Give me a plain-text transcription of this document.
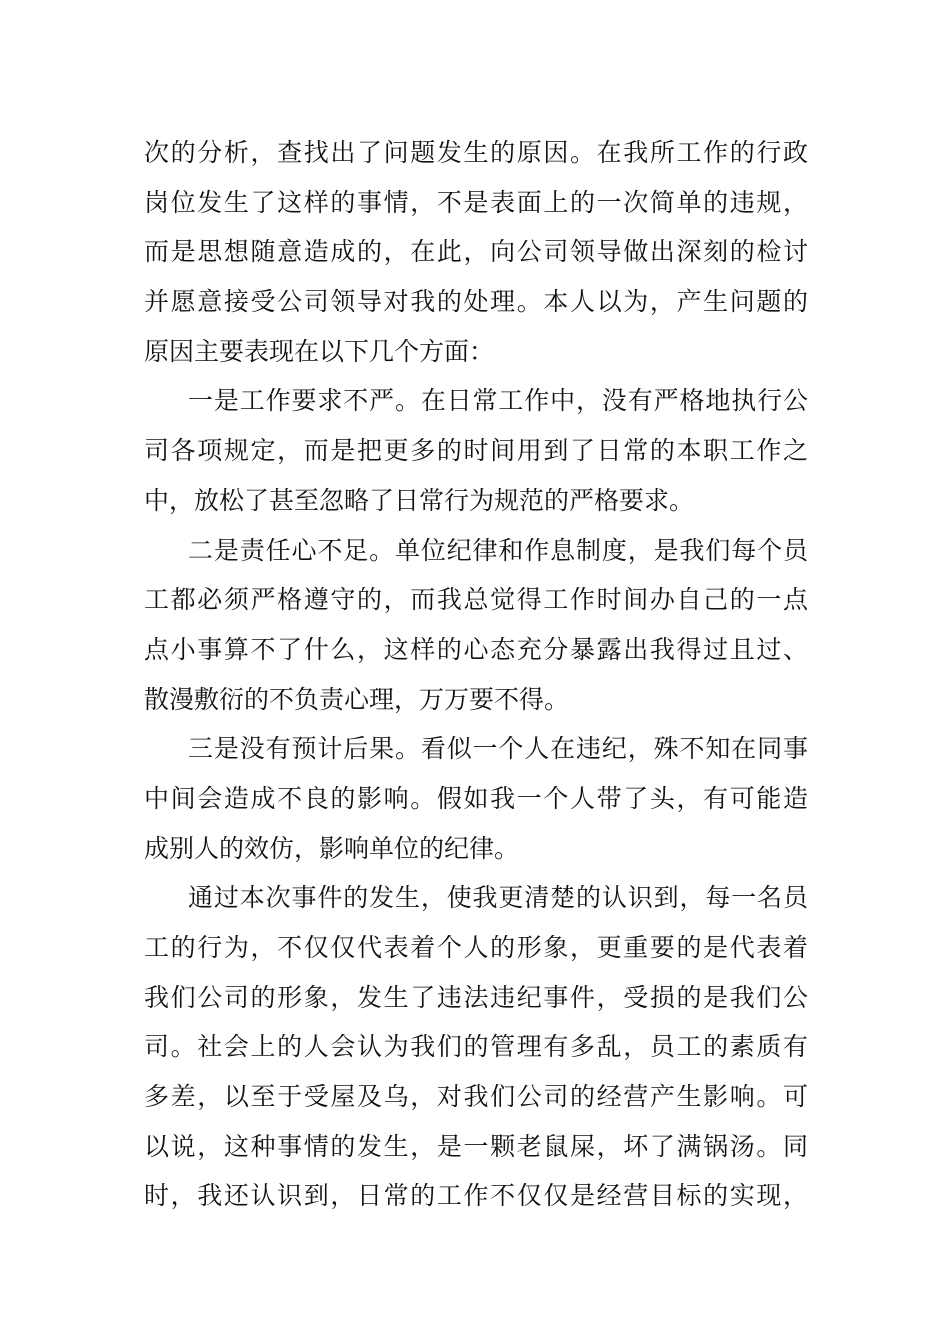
次的分析，查找出了问题发生的原因。在我所工作的行政
岗位发生了这样的事情，不是表面上的一次简单的违规，
而是思想随意造成的，在此，向公司领导做出深刻的检讨
并愿意接受公司领导对我的处理。本人以为，产生问题的
原因主要表现在以下几个方面：
一是工作要求不严。在日常工作中，没有严格地执行公
司各项规定，而是把更多的时间用到了日常的本职工作之
中，放松了甚至忽略了日常行为规范的严格要求。
二是责任心不足。单位纪律和作息制度，是我们每个员
工都必须严格遵守的，而我总觉得工作时间办自己的一点
点小事算不了什么，这样的心态充分暴露出我得过且过、
散漫敷衍的不负责心理，万万要不得。
三是没有预计后果。看似一个人在违纪，殊不知在同事
中间会造成不良的影响。假如我一个人带了头，有可能造
成别人的效仿，影响单位的纪律。
通过本次事件的发生，使我更清楚的认识到，每一名员
工的行为，不仅仅代表着个人的形象，更重要的是代表着
我们公司的形象，发生了违法违纪事件，受损的是我们公
司。社会上的人会认为我们的管理有多乱，员工的素质有
多差，以至于受屋及乌，对我们公司的经营产生影响。可
以说，这种事情的发生，是一颗老鼠屎，坏了满锅汤。同
时，我还认识到，日常的工作不仅仅是经营目标的实现，
